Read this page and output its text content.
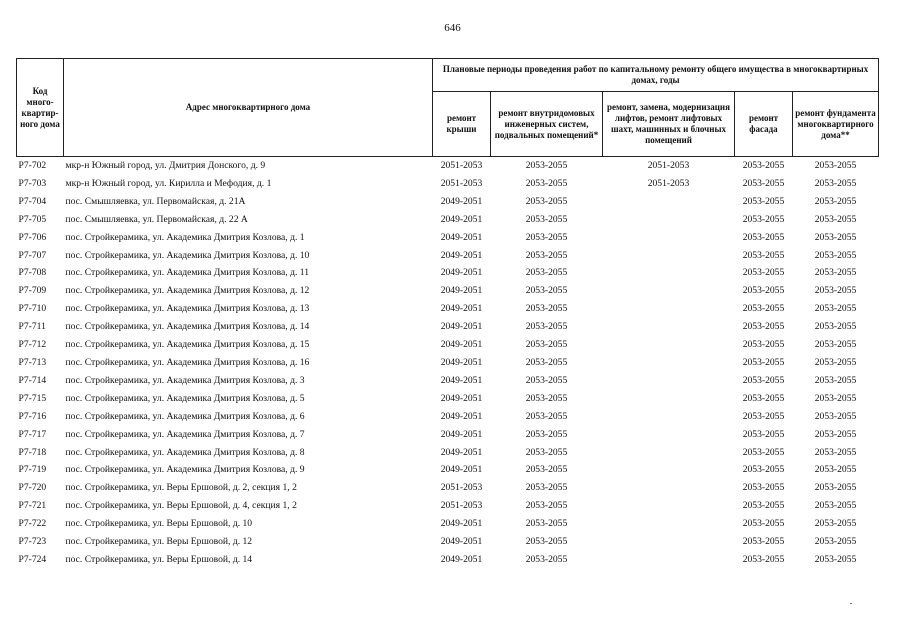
646
Код много-квартир-ного дома	Адрес многоквартирного дома	Плановые периоды проведения работ по капитальному ремонту общего имущества в многоквартирных домах, годы				
		ремонт крыши	ремонт внутридомовых инженерных систем, подвальных помещений*	ремонт, замена, модернизация лифтов, ремонт лифтовых шахт, машинных и блочных помещений	ремонт фасада	ремонт фундамента многоквартирного дома**
Р7-702	мкр-н Южный город, ул. Дмитрия Донского, д. 9	2051-2053	2053-2055	2051-2053	2053-2055	2053-2055
Р7-703	мкр-н Южный город, ул. Кирилла и Мефодия, д. 1	2051-2053	2053-2055	2051-2053	2053-2055	2053-2055
Р7-704	пос. Смышляевка, ул. Первомайская, д. 21А	2049-2051	2053-2055		2053-2055	2053-2055
Р7-705	пос. Смышляевка, ул. Первомайская, д. 22 А	2049-2051	2053-2055		2053-2055	2053-2055
Р7-706	пос. Стройкерамика, ул. Академика Дмитрия Козлова, д. 1	2049-2051	2053-2055		2053-2055	2053-2055
Р7-707	пос. Стройкерамика, ул. Академика Дмитрия Козлова, д. 10	2049-2051	2053-2055		2053-2055	2053-2055
Р7-708	пос. Стройкерамика, ул. Академика Дмитрия Козлова, д. 11	2049-2051	2053-2055		2053-2055	2053-2055
Р7-709	пос. Стройкерамика, ул. Академика Дмитрия Козлова, д. 12	2049-2051	2053-2055		2053-2055	2053-2055
Р7-710	пос. Стройкерамика, ул. Академика Дмитрия Козлова, д. 13	2049-2051	2053-2055		2053-2055	2053-2055
Р7-711	пос. Стройкерамика, ул. Академика Дмитрия Козлова, д. 14	2049-2051	2053-2055		2053-2055	2053-2055
Р7-712	пос. Стройкерамика, ул. Академика Дмитрия Козлова, д. 15	2049-2051	2053-2055		2053-2055	2053-2055
Р7-713	пос. Стройкерамика, ул. Академика Дмитрия Козлова, д. 16	2049-2051	2053-2055		2053-2055	2053-2055
Р7-714	пос. Стройкерамика, ул. Академика Дмитрия Козлова, д. 3	2049-2051	2053-2055		2053-2055	2053-2055
Р7-715	пос. Стройкерамика, ул. Академика Дмитрия Козлова, д. 5	2049-2051	2053-2055		2053-2055	2053-2055
Р7-716	пос. Стройкерамика, ул. Академика Дмитрия Козлова, д. 6	2049-2051	2053-2055		2053-2055	2053-2055
Р7-717	пос. Стройкерамика, ул. Академика Дмитрия Козлова, д. 7	2049-2051	2053-2055		2053-2055	2053-2055
Р7-718	пос. Стройкерамика, ул. Академика Дмитрия Козлова, д. 8	2049-2051	2053-2055		2053-2055	2053-2055
Р7-719	пос. Стройкерамика, ул. Академика Дмитрия Козлова, д. 9	2049-2051	2053-2055		2053-2055	2053-2055
Р7-720	пос. Стройкерамика, ул. Веры Ершовой, д. 2, секция 1, 2	2051-2053	2053-2055		2053-2055	2053-2055
Р7-721	пос. Стройкерамика, ул. Веры Ершовой, д. 4, секция 1, 2	2051-2053	2053-2055		2053-2055	2053-2055
Р7-722	пос. Стройкерамика, ул. Веры Ершовой, д. 10	2049-2051	2053-2055		2053-2055	2053-2055
Р7-723	пос. Стройкерамика, ул. Веры Ершовой, д. 12	2049-2051	2053-2055		2053-2055	2053-2055
Р7-724	пос. Стройкерамика, ул. Веры Ершовой, д. 14	2049-2051	2053-2055		2053-2055	2053-2055
